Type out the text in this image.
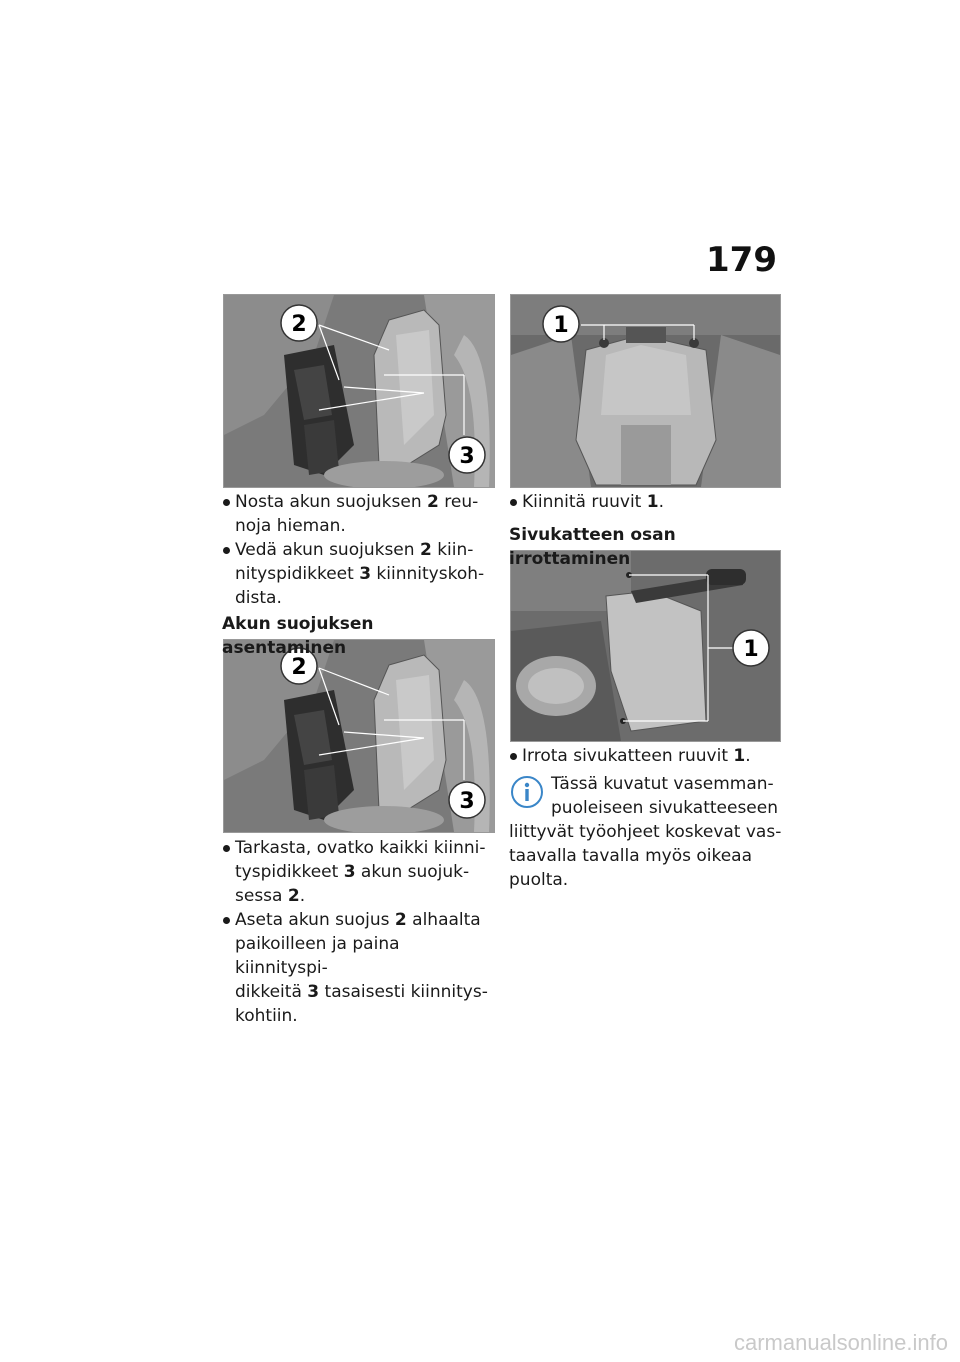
179
2
3
1
2
3
1

Nosta akun suojuksen 2 reu-
noja hieman.

Vedä akun suojuksen 2 kiin-
nityspidikkeet 3 kiinnityskoh-
dista.

Akun suojuksen asentaminen

Tarkasta, ovatko kaikki kiinni-
tyspidikkeet 3 akun suojuk-
sessa 2.

Aseta akun suojus 2 alhaalta
paikoilleen ja paina kiinnityspi-
dikkeitä 3 tasaisesti kiinnitys-
kohtiin.

Kiinnitä ruuvit 1.

Sivukatteen osan irrottaminen

Irrota sivukatteen ruuvit 1.

Tässä kuvatut vasemman-
puoleiseen sivukatteeseen
liittyvät työohjeet koskevat vas-
taavalla tavalla myös oikeaa
puolta.

carmanualsonline.info
